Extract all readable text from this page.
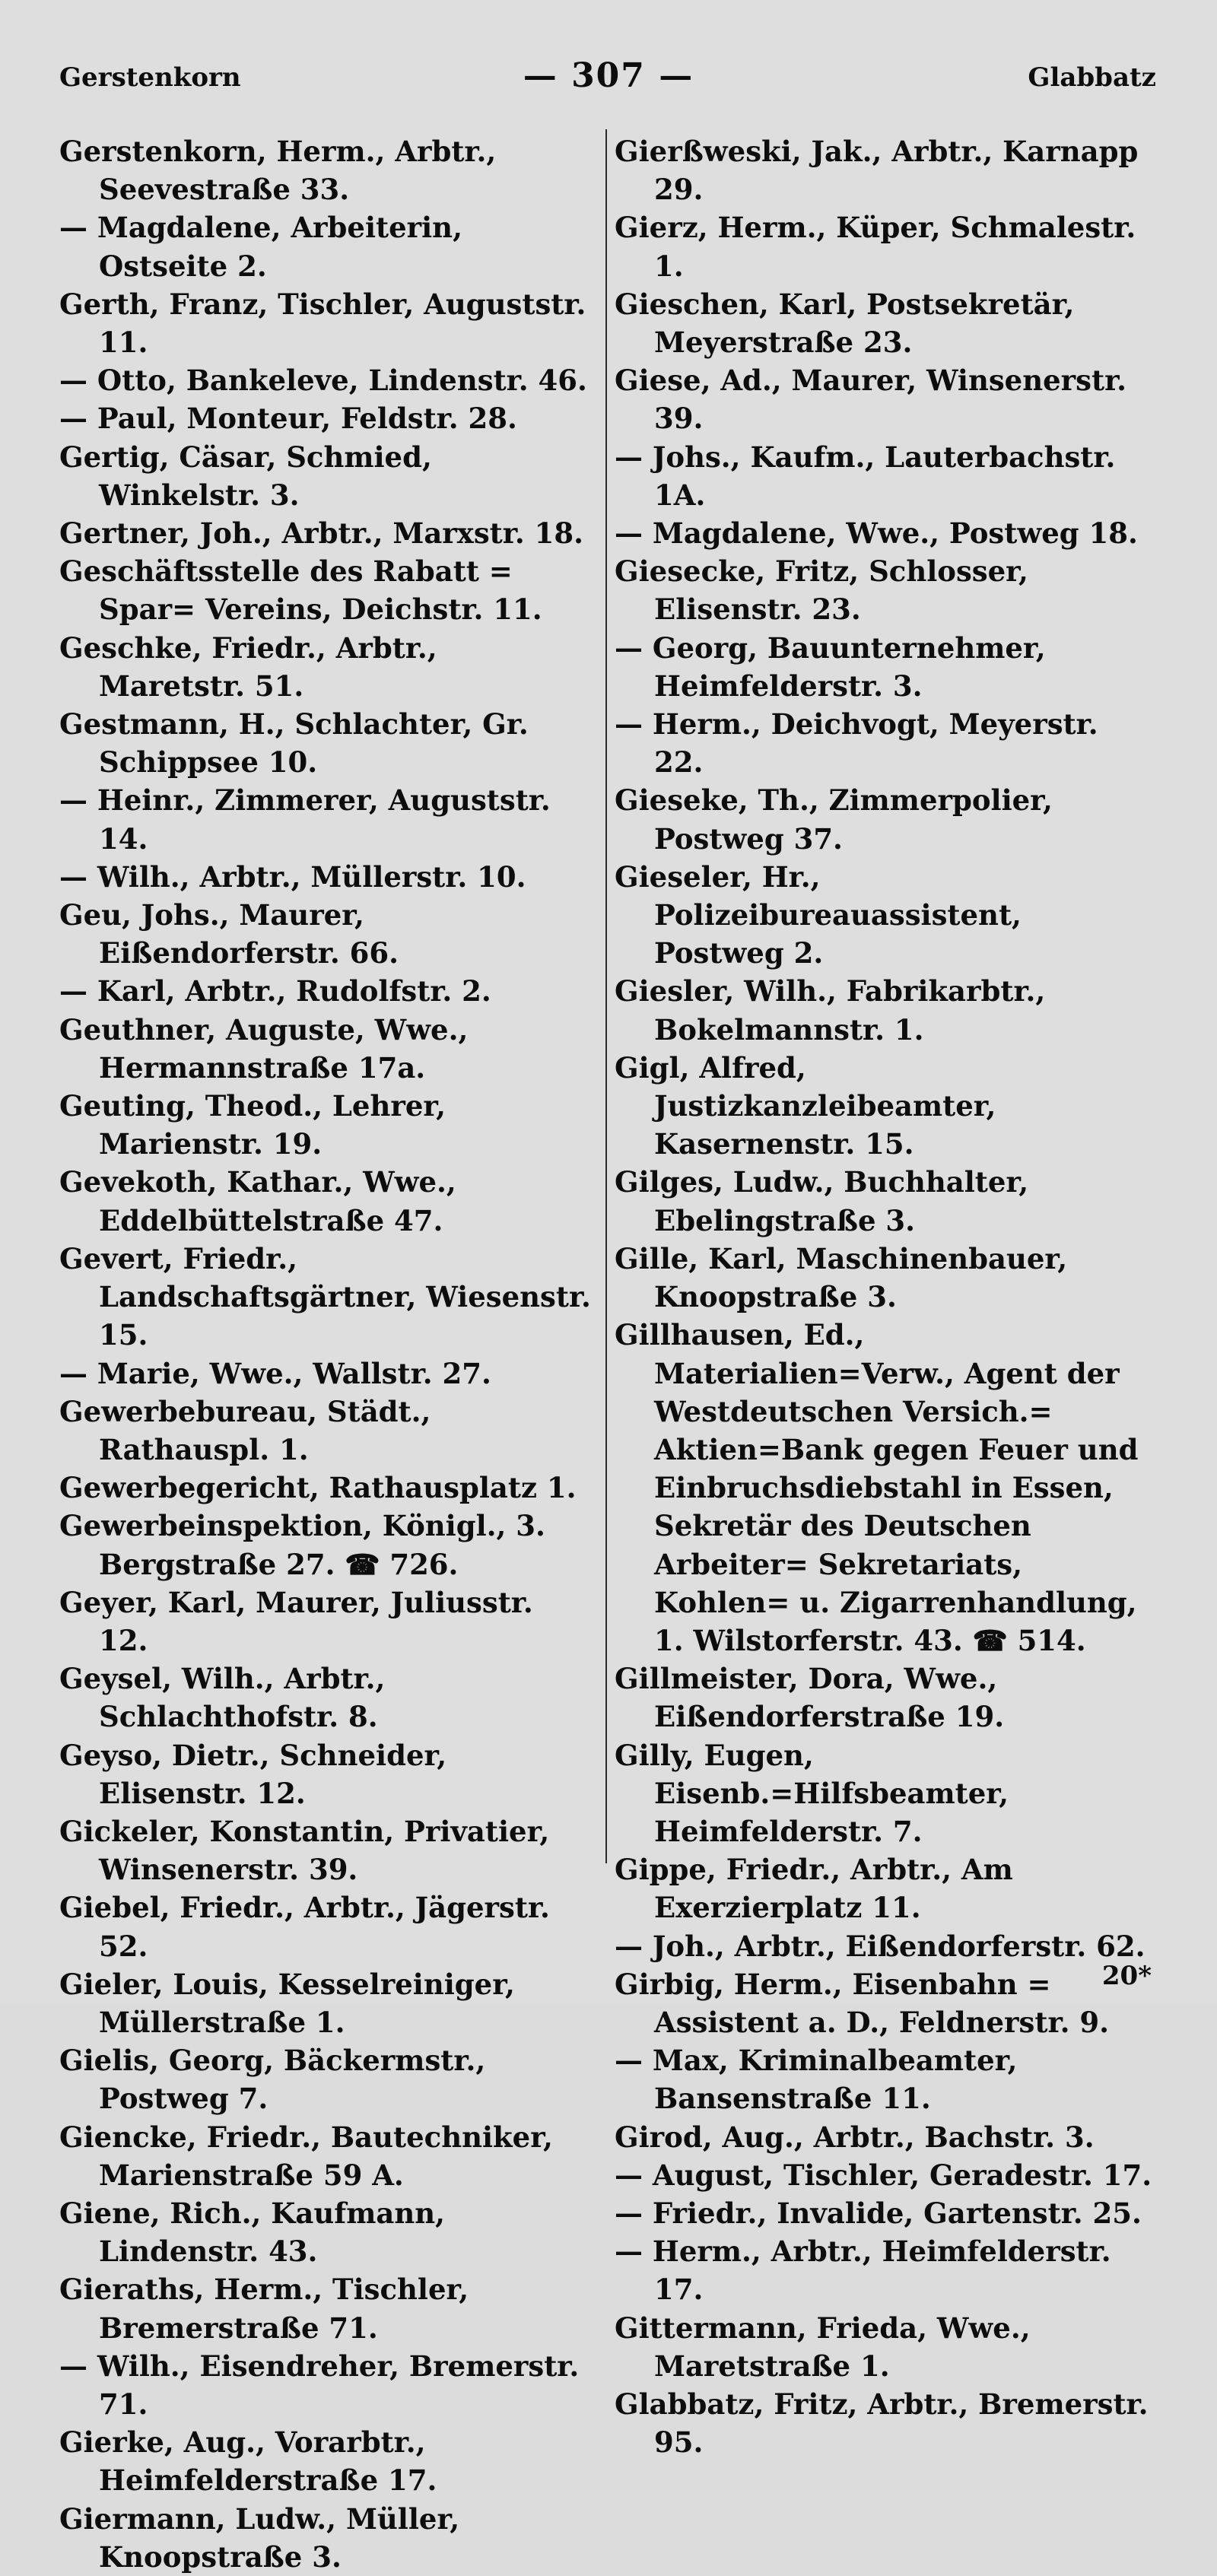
Gerstenkorn	— 307 —	Glabbatz

Gerstenkorn, Herm., Arbtr., Seevestraße 33.

— Magdalene, Arbeiterin, Ostseite 2.

Gerth, Franz, Tischler, Auguststr. 11.

— Otto, Bankeleve, Lindenstr. 46.

— Paul, Monteur, Feldstr. 28.

Gertig, Cäsar, Schmied, Winkelstr. 3.

Gertner, Joh., Arbtr., Marxstr. 18.

Geschäftsstelle des Rabatt = Spar= Vereins, Deichstr. 11.

Geschke, Friedr., Arbtr., Maretstr. 51.

Gestmann, H., Schlachter, Gr. Schippsee 10.

— Heinr., Zimmerer, Auguststr. 14.

— Wilh., Arbtr., Müllerstr. 10.

Geu, Johs., Maurer, Eißendorferstr. 66.

— Karl, Arbtr., Rudolfstr. 2.

Geuthner, Auguste, Wwe., Hermannstraße 17a.

Geuting, Theod., Lehrer, Marienstr. 19.

Gevekoth, Kathar., Wwe., Eddelbüttelstraße 47.

Gevert, Friedr., Landschaftsgärtner, Wiesenstr. 15.

— Marie, Wwe., Wallstr. 27.

Gewerbebureau, Städt., Rathauspl. 1.

Gewerbegericht, Rathausplatz 1.

Gewerbeinspektion, Königl., 3. Bergstraße 27. ☎ 726.

Geyer, Karl, Maurer, Juliusstr. 12.

Geysel, Wilh., Arbtr., Schlachthofstr. 8.

Geyso, Dietr., Schneider, Elisenstr. 12.

Gickeler, Konstantin, Privatier, Winsenerstr. 39.

Giebel, Friedr., Arbtr., Jägerstr. 52.

Gieler, Louis, Kesselreiniger, Müllerstraße 1.

Gielis, Georg, Bäckermstr., Postweg 7.

Giencke, Friedr., Bautechniker, Marienstraße 59 A.

Giene, Rich., Kaufmann, Lindenstr. 43.

Gieraths, Herm., Tischler, Bremerstraße 71.

— Wilh., Eisendreher, Bremerstr. 71.

Gierke, Aug., Vorarbtr., Heimfelderstraße 17.

Giermann, Ludw., Müller, Knoopstraße 3.

Gierßweski, Jak., Arbtr., Karnapp 29.

Gierz, Herm., Küper, Schmalestr. 1.

Gieschen, Karl, Postsekretär, Meyerstraße 23.

Giese, Ad., Maurer, Winsenerstr. 39.

— Johs., Kaufm., Lauterbachstr. 1A.

— Magdalene, Wwe., Postweg 18.

Giesecke, Fritz, Schlosser, Elisenstr. 23.

— Georg, Bauunternehmer, Heimfelderstr. 3.

— Herm., Deichvogt, Meyerstr. 22.

Gieseke, Th., Zimmerpolier, Postweg 37.

Gieseler, Hr., Polizeibureauassistent, Postweg 2.

Giesler, Wilh., Fabrikarbtr., Bokelmannstr. 1.

Gigl, Alfred, Justizkanzleibeamter, Kasernenstr. 15.

Gilges, Ludw., Buchhalter, Ebelingstraße 3.

Gille, Karl, Maschinenbauer, Knoopstraße 3.

Gillhausen, Ed., Materialien=Verw., Agent der Westdeutschen Versich.= Aktien=Bank gegen Feuer und Einbruchsdiebstahl in Essen, Sekretär des Deutschen Arbeiter= Sekretariats, Kohlen= u. Zigarrenhandlung, 1. Wilstorferstr. 43. ☎ 514.

Gillmeister, Dora, Wwe., Eißendorferstraße 19.

Gilly, Eugen, Eisenb.=Hilfsbeamter, Heimfelderstr. 7.

Gippe, Friedr., Arbtr., Am Exerzierplatz 11.

— Joh., Arbtr., Eißendorferstr. 62.

Girbig, Herm., Eisenbahn = Assistent a. D., Feldnerstr. 9.

— Max, Kriminalbeamter, Bansenstraße 11.

Girod, Aug., Arbtr., Bachstr. 3.

— August, Tischler, Geradestr. 17.

— Friedr., Invalide, Gartenstr. 25.

— Herm., Arbtr., Heimfelderstr. 17.

Gittermann, Frieda, Wwe., Maretstraße 1.

Glabbatz, Fritz, Arbtr., Bremerstr. 95.

20*
